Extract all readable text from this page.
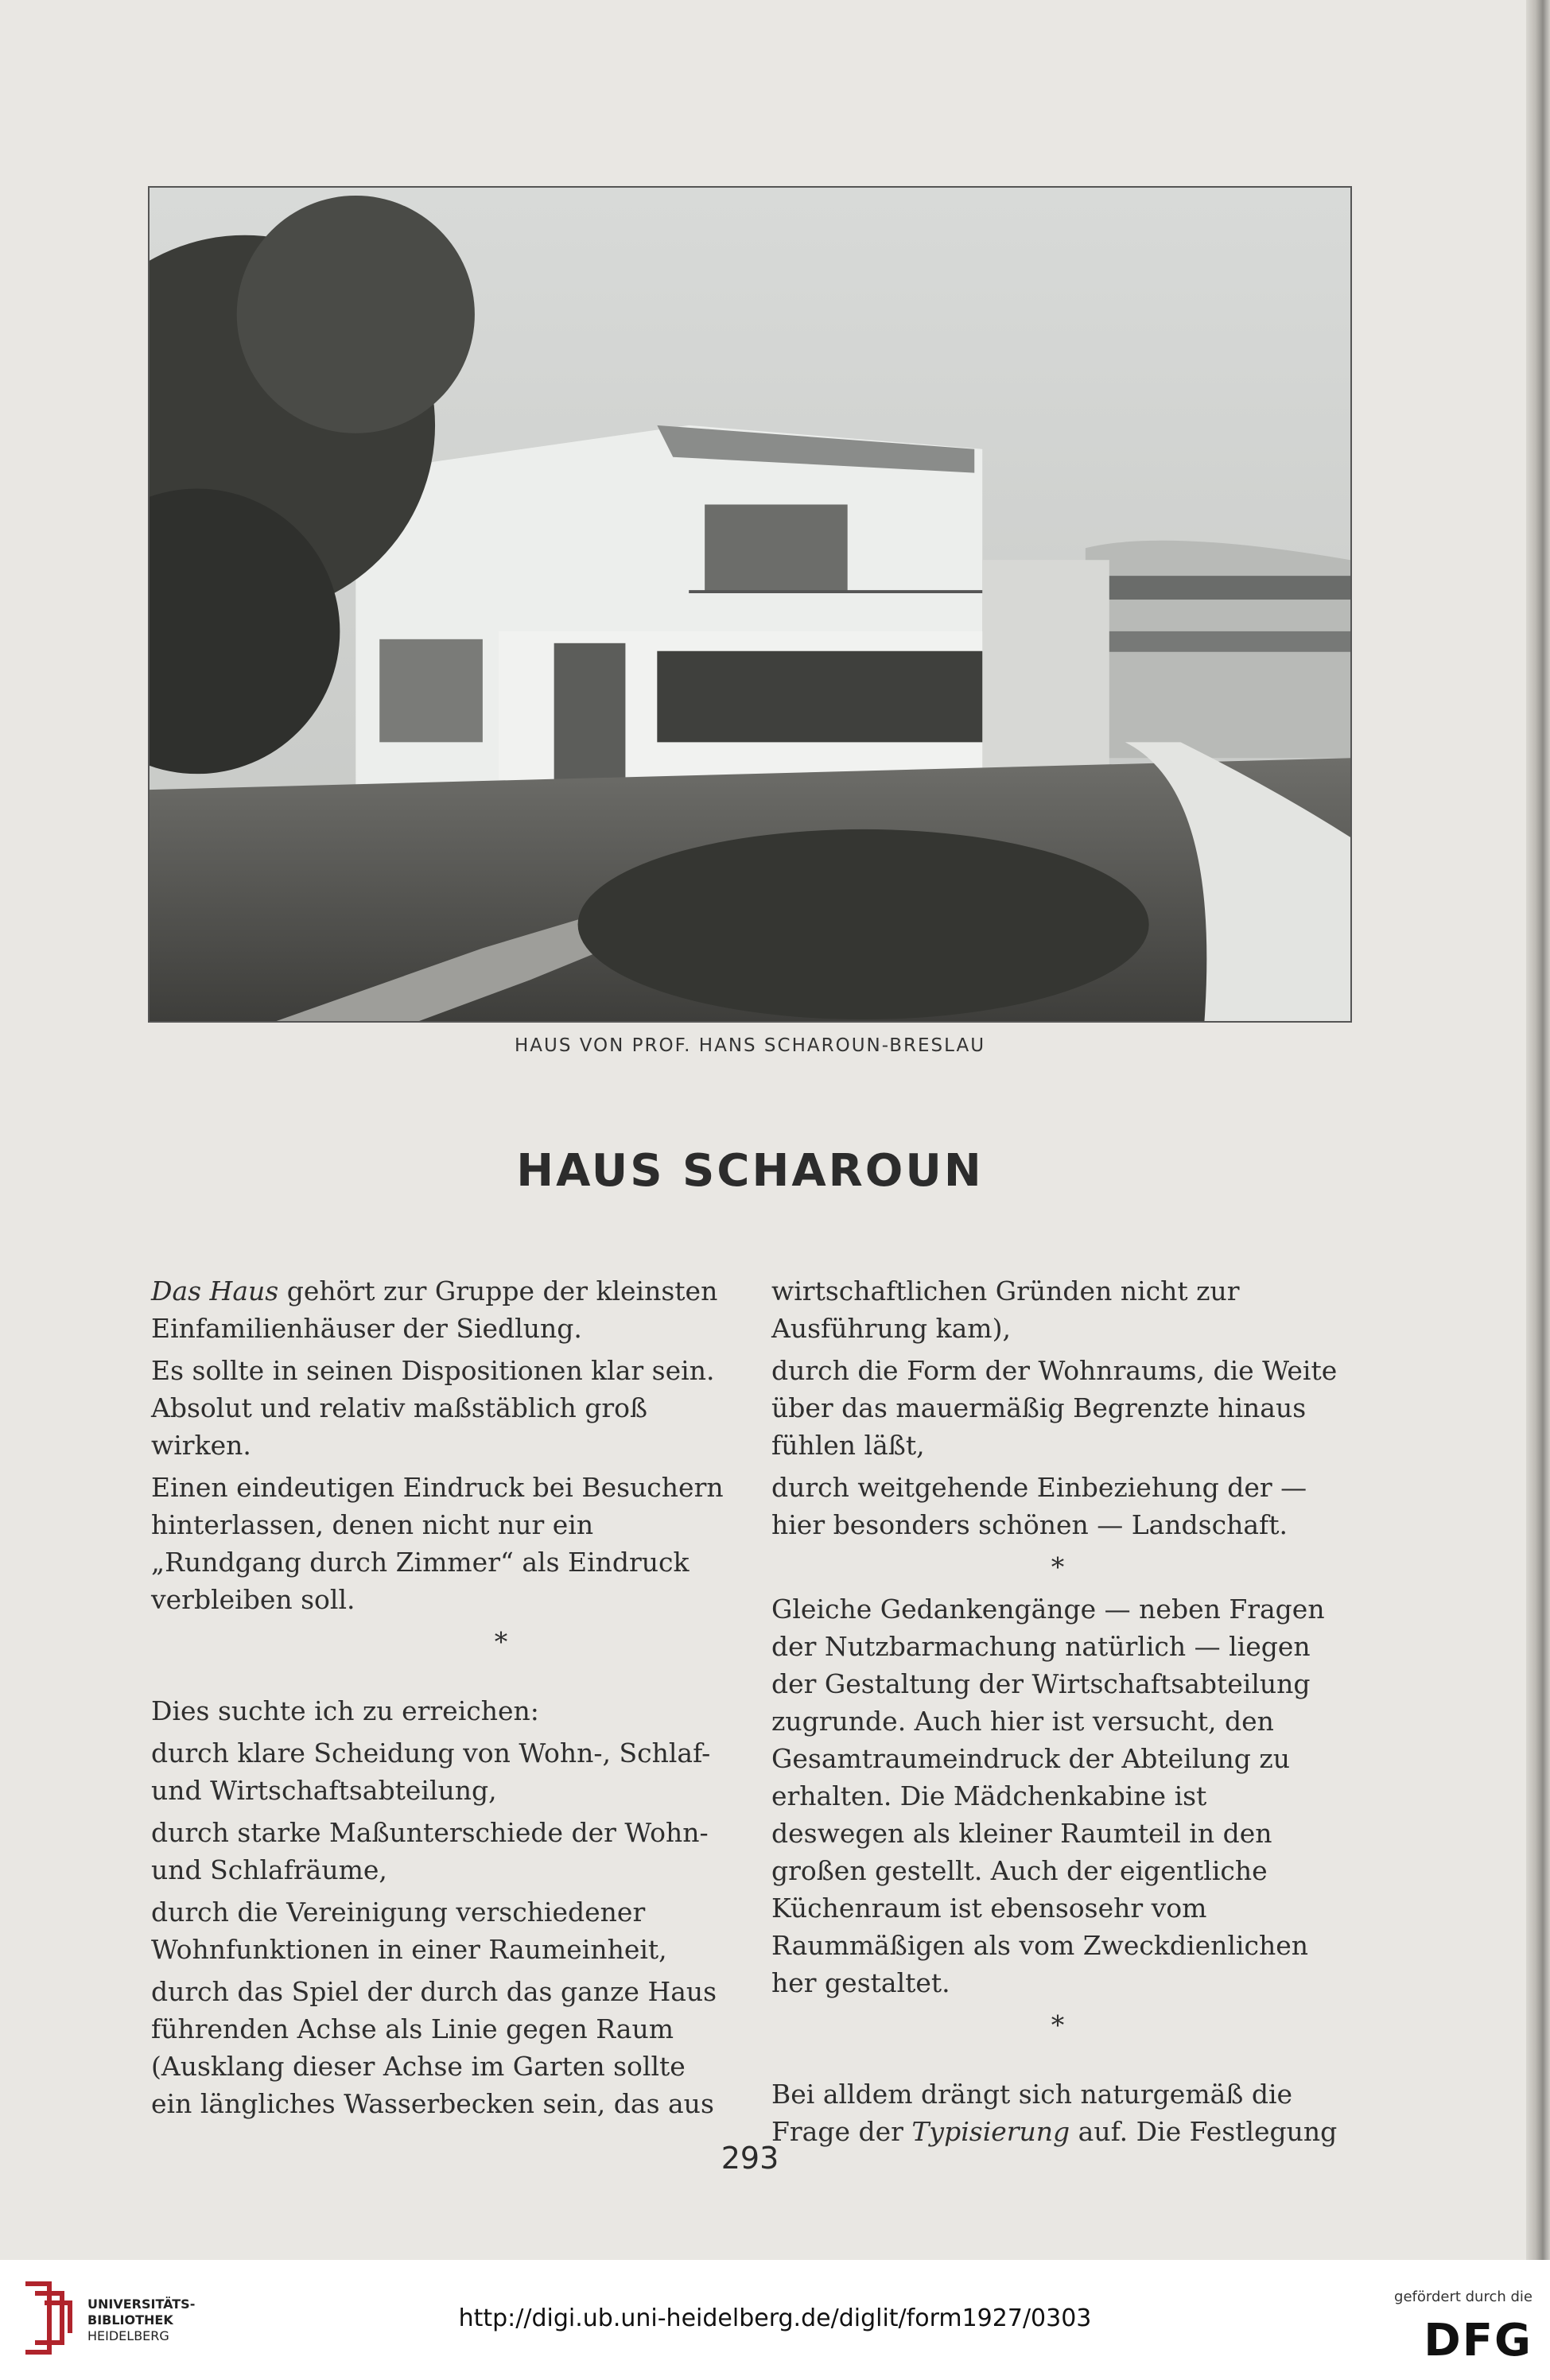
HAUS VON PROF. HANS SCHAROUN-BRESLAU
HAUS SCHAROUN

Das Haus gehört zur Gruppe der kleinsten Einfamilienhäuser der Siedlung.

Es sollte in seinen Dispositionen klar sein. Absolut und relativ maßstäblich groß wirken.

Einen eindeutigen Eindruck bei Besuchern hinterlassen, denen nicht nur ein „Rundgang durch Zimmer“ als Eindruck verbleiben soll.

*

Dies suchte ich zu erreichen:

durch klare Scheidung von Wohn-, Schlaf- und Wirtschaftsabteilung,

durch starke Maßunterschiede der Wohn- und Schlafräume,

durch die Vereinigung verschiedener Wohnfunktionen in einer Raumeinheit,

durch das Spiel der durch das ganze Haus führenden Achse als Linie gegen Raum (Ausklang dieser Achse im Garten sollte ein längliches Wasserbecken sein, das aus

wirtschaftlichen Gründen nicht zur Ausführung kam),

durch die Form der Wohnraums, die Weite über das mauermäßig Begrenzte hinaus fühlen läßt,

durch weitgehende Einbeziehung der — hier besonders schönen — Landschaft.

*

Gleiche Gedankengänge — neben Fragen der Nutzbarmachung natürlich — liegen der Gestaltung der Wirtschaftsabteilung zugrunde. Auch hier ist versucht, den Gesamtraumeindruck der Abteilung zu erhalten. Die Mädchenkabine ist deswegen als kleiner Raumteil in den großen gestellt. Auch der eigentliche Küchenraum ist ebensosehr vom Raummäßigen als vom Zweckdienlichen her gestaltet.

*

Bei alldem drängt sich naturgemäß die Frage der Typisierung auf. Die Festlegung

293
UNIVERSITÄTS-
BIBLIOTHEK
HEIDELBERG
http://digi.ub.uni-heidelberg.de/diglit/form1927/0303
gefördert durch die
DFG
